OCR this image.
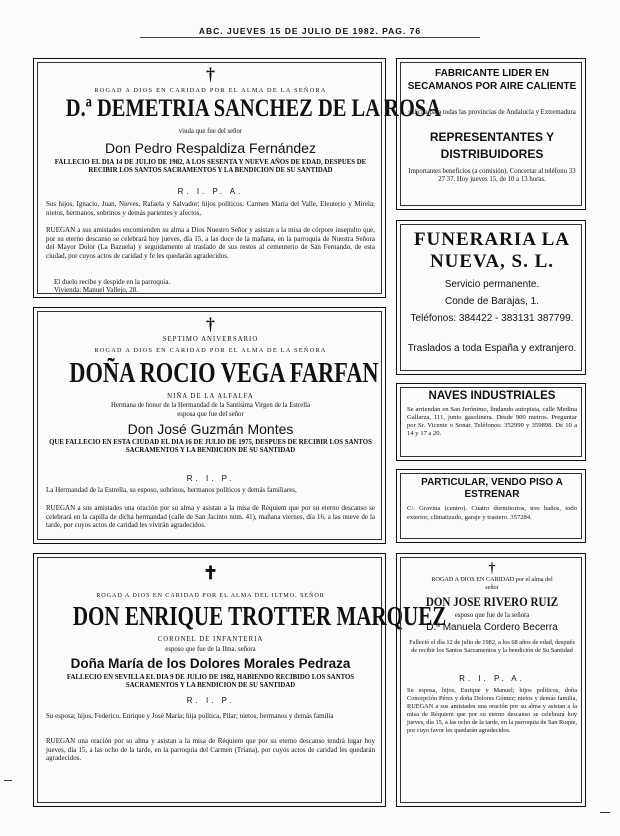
ABC. JUEVES 15 DE JULIO DE 1982. PAG. 76
†
ROGAD A DIOS EN CARIDAD POR EL ALMA DE LA SEÑORA
D.ª DEMETRIA SANCHEZ DE LA ROSA
viuda que fue del señor
Don Pedro Respaldiza Fernández
FALLECIO EL DIA 14 DE JULIO DE 1982, A LOS SESENTA Y NUEVE AÑOS DE EDAD, DESPUES DE RECIBIR LOS SANTOS SACRAMENTOS Y LA BENDICION DE SU SANTIDAD
R. I. P. A.
Sus hijos, Ignacio, Juan, Nieves, Rafaela y Salvador; hijos políticos, Carmen María del Valle, Eleuterio y Mirela; nietos, hermanos, sobrinos y demás parientes y afectos,
RUEGAN a sus amistades encomienden su alma a Dios Nuestro Señor y asistan a la misa de córpore insepulto que, por su eterno descanso se celebrará hoy jueves, día 15, a las doce de la mañana, en la parroquia de Nuestra Señora del Mayor Dolor (La Bazuela) y seguidamente al traslado de sus restos al cementerio de San Fernando, de esta ciudad, por cuyos actos de caridad y fe les quedarán agradecidos.
El duelo recibe y despide en la parroquia.
Vivienda: Manuel Vallejo, 28.
†
SEPTIMO ANIVERSARIO
ROGAD A DIOS EN CARIDAD POR EL ALMA DE LA SEÑORA
DOÑA ROCIO VEGA FARFAN
NIÑA DE LA ALFALFA
Hermana de honor de la Hermandad de la Santísima Virgen de la Estrella
esposa que fue del señor
Don José Guzmán Montes
QUE FALLECIO EN ESTA CIUDAD EL DIA 16 DE JULIO DE 1975, DESPUES DE RECIBIR LOS SANTOS SACRAMENTOS Y LA BENDICION DE SU SANTIDAD
R. I. P.
La Hermandad de la Estrella, su esposo, sobrinos, hermanos políticos y demás familiares,
RUEGAN a sus amistades una oración por su alma y asistan a la misa de Réquiem que por su eterno descanso se celebrará en la capilla de dicha hermandad (calle de San Jacinto núm. 41), mañana viernes, día 16, a las nueve de la tarde, por cuyos actos de caridad les vivirán agradecidos.
✝
ROGAD A DIOS EN CARIDAD POR EL ALMA DEL ILTMO. SEÑOR
DON ENRIQUE TROTTER MARQUEZ
CORONEL DE INFANTERIA
esposo que fue de la Ilma. señora
Doña María de los Dolores Morales Pedraza
FALLECIO EN SEVILLA EL DIA 9 DE JULIO DE 1982, HABIENDO RECIBIDO LOS SANTOS SACRAMENTOS Y LA BENDICION DE SU SANTIDAD
R. I. P.
Su esposa; hijos, Federico, Enrique y José María; hija política, Pilar; nietos, hermanos y demás familia
RUEGAN una oración por su alma y asistan a la misa de Réquiem que por su eterno descanso tendrá lugar hoy jueves, día 15, a las ocho de la tarde, en la parroquia del Carmen (Triana), por cuyos actos de caridad les quedarán agradecidos.
FABRICANTE LIDER EN SECAMANOS POR AIRE CALIENTE
solicita para todas las provincias de Andalucía y Extremadura
REPRESENTANTES Y DISTRIBUIDORES
Importantes beneficios (a comisión). Concertar al teléfono 33 27 37. Hoy jueves 15, de 10 a 13 horas.
FUNERARIA LA NUEVA, S. L.
Servicio permanente.
Conde de Barajas, 1.
Teléfonos: 384422 - 383131 387799.
Traslados a toda España y extranjero.
NAVES INDUSTRIALES
Se arriendan en San Jerónimo, lindando autopista, calle Medina Gallarza, 111, junto gasolinera. Desde 900 metros. Preguntar por Sr. Vicente o Sonar. Teléfonos: 352990 y 359898. De 10 a 14 y 17 a 20.
PARTICULAR, VENDO PISO A ESTRENAR
C/. Gravina (centro). Cuatro dormitorios, tres baños, todo exterior, climatizado, garaje y trastero. 357284.
†
ROGAD A DIOS EN CARIDAD por el alma del señor
DON JOSE RIVERO RUIZ
esposo que fue de la señora
D.ª Manuela Cordero Becerra
Falleció el día 12 de julio de 1982, a los 68 años de edad, después de recibir los Santos Sacramentos y la bendición de Su Santidad
R. I. P. A.
Su esposa, hijos, Enrique y Manuel; hijos políticos, doña Concepción Pérez y doña Dolores Gómez; nietos y demás familia, RUEGAN a sus amistades una oración por su alma y asistan a la misa de Réquiem que por su eterno descanso se celebrará hoy jueves, día 15, a las ocho de la tarde, en la parroquia de San Roque, por cuyo favor les quedarán agradecidos.
